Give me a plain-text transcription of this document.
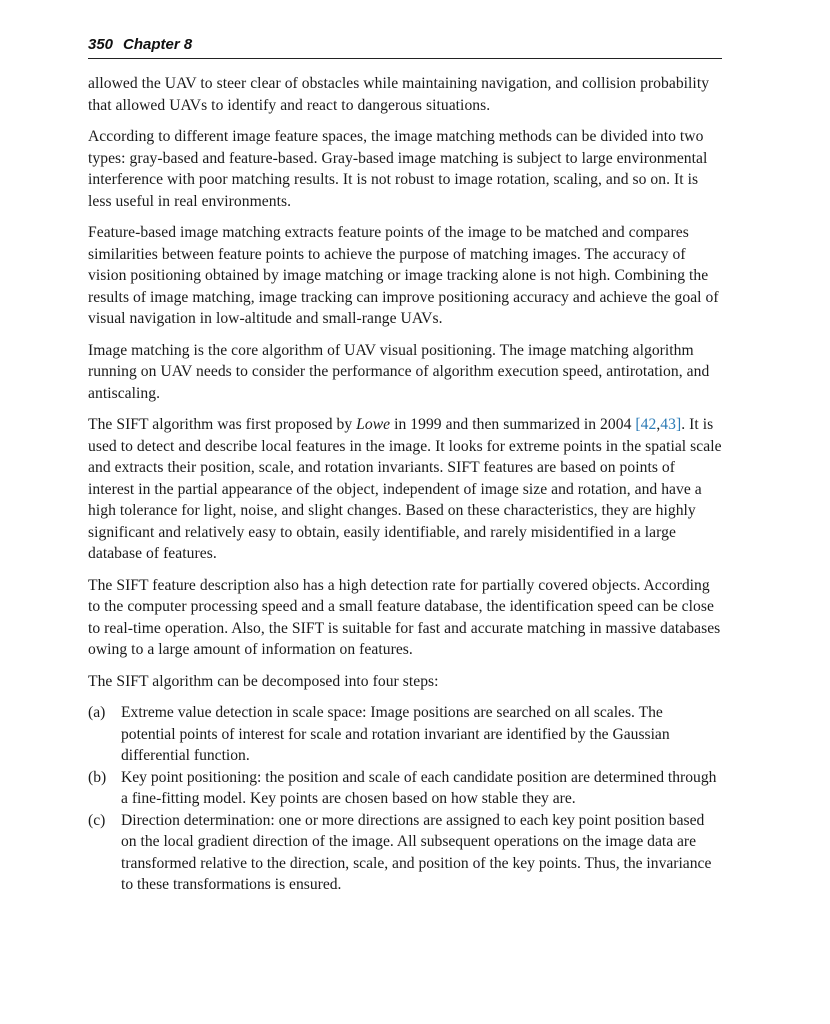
350 Chapter 8

allowed the UAV to steer clear of obstacles while maintaining navigation, and collision probability that allowed UAVs to identify and react to dangerous situations.

According to different image feature spaces, the image matching methods can be divided into two types: gray-based and feature-based. Gray-based image matching is subject to large environmental interference with poor matching results. It is not robust to image rotation, scaling, and so on. It is less useful in real environments.

Feature-based image matching extracts feature points of the image to be matched and compares similarities between feature points to achieve the purpose of matching images. The accuracy of vision positioning obtained by image matching or image tracking alone is not high. Combining the results of image matching, image tracking can improve positioning accuracy and achieve the goal of visual navigation in low-altitude and small-range UAVs.

Image matching is the core algorithm of UAV visual positioning. The image matching algorithm running on UAV needs to consider the performance of algorithm execution speed, antirotation, and antiscaling.

The SIFT algorithm was first proposed by Lowe in 1999 and then summarized in 2004 [42,43]. It is used to detect and describe local features in the image. It looks for extreme points in the spatial scale and extracts their position, scale, and rotation invariants. SIFT features are based on points of interest in the partial appearance of the object, independent of image size and rotation, and have a high tolerance for light, noise, and slight changes. Based on these characteristics, they are highly significant and relatively easy to obtain, easily identifiable, and rarely misidentified in a large database of features.

The SIFT feature description also has a high detection rate for partially covered objects. According to the computer processing speed and a small feature database, the identification speed can be close to real-time operation. Also, the SIFT is suitable for fast and accurate matching in massive databases owing to a large amount of information on features.

The SIFT algorithm can be decomposed into four steps:

(a)	Extreme value detection in scale space: Image positions are searched on all scales. The potential points of interest for scale and rotation invariant are identified by the Gaussian differential function.
(b) Key point positioning: the position and scale of each candidate position are determined through a fine-fitting model. Key points are chosen based on how stable they are.
(c)	Direction determination: one or more directions are assigned to each key point position based on the local gradient direction of the image. All subsequent operations on the image data are transformed relative to the direction, scale, and position of the key points. Thus, the invariance to these transformations is ensured.
